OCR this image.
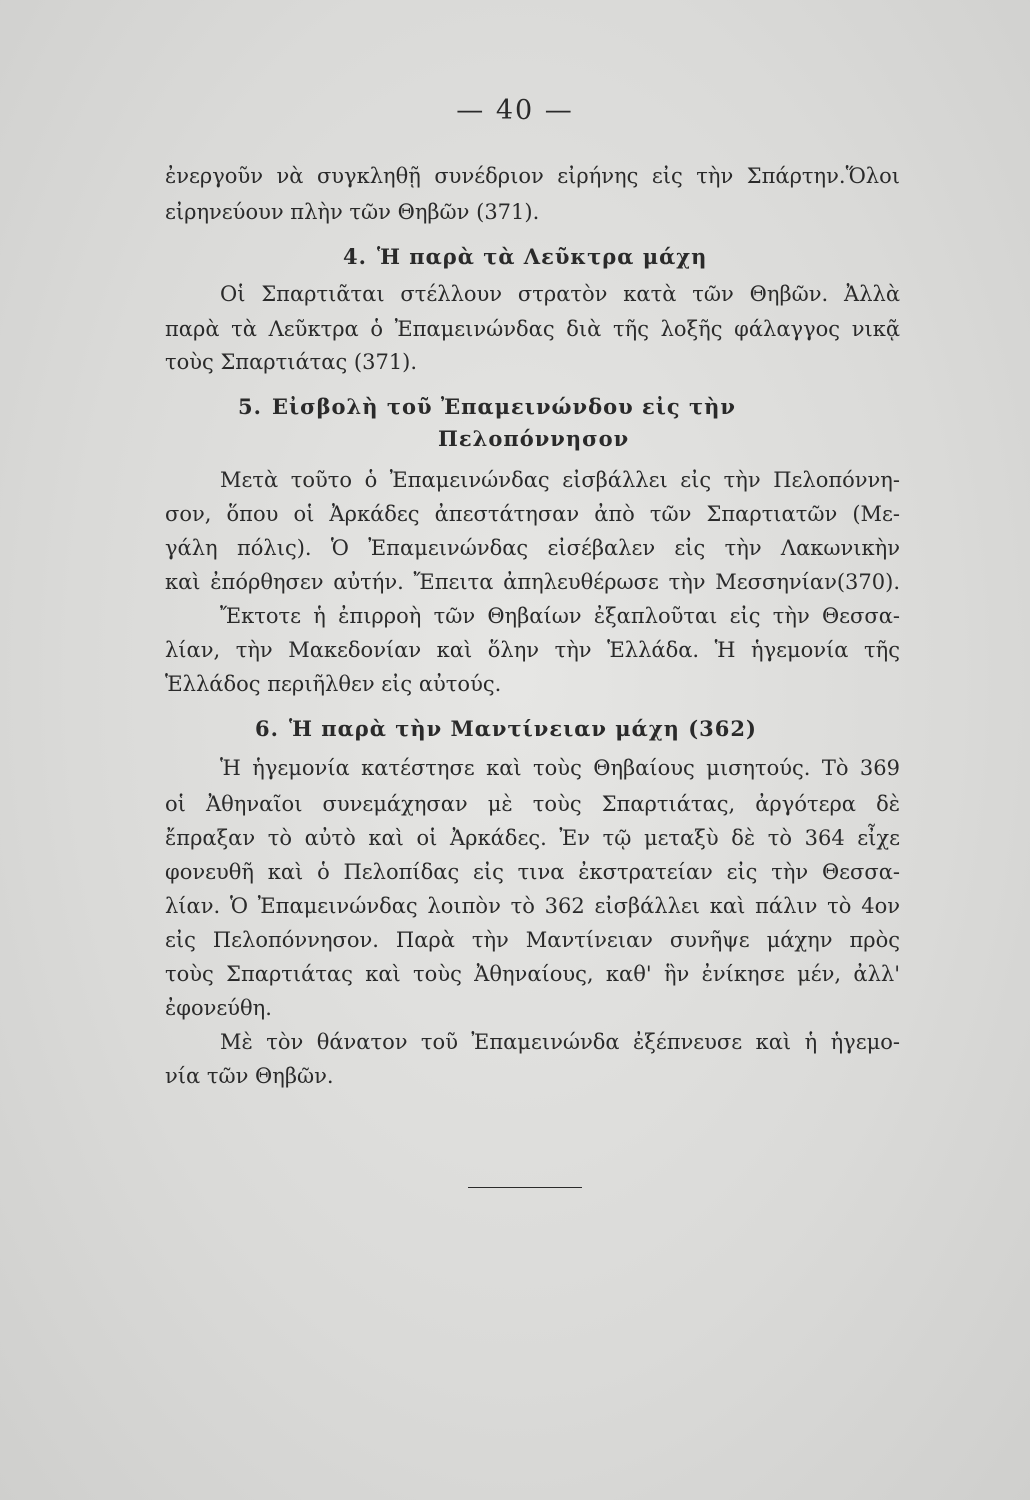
— 40 —
ἐνεργοῦν νὰ συγκληθῇ συνέδριον εἰρήνης εἰς τὴν Σπάρτην.Ὅλοι
εἰρηνεύουν πλὴν τῶν Θηβῶν (371).
4. Ἡ παρὰ τὰ Λεῦκτρα μάχη
Οἱ Σπαρτιᾶται στέλλουν στρατὸν κατὰ τῶν Θηβῶν. Ἀλλὰ
παρὰ τὰ Λεῦκτρα ὁ Ἐπαμεινώνδας διὰ τῆς λοξῆς φάλαγγος νικᾷ
τοὺς Σπαρτιάτας (371).
5. Εἰσβολὴ τοῦ Ἐπαμεινώνδου εἰς τὴν
Πελοπόννησον
Μετὰ τοῦτο ὁ Ἐπαμεινώνδας εἰσβάλλει εἰς τὴν Πελοπόννη-
σον, ὅπου οἱ Ἀρκάδες ἀπεστάτησαν ἀπὸ τῶν Σπαρτιατῶν (Με-
γάλη πόλις). Ὁ Ἐπαμεινώνδας εἰσέβαλεν εἰς τὴν Λακωνικὴν
καὶ ἐπόρθησεν αὐτήν. Ἔπειτα ἀπηλευθέρωσε τὴν Μεσσηνίαν(370).
Ἔκτοτε ἡ ἐπιρροὴ τῶν Θηβαίων ἐξαπλοῦται εἰς τὴν Θεσσα-
λίαν, τὴν Μακεδονίαν καὶ ὅλην τὴν Ἑλλάδα. Ἡ ἡγεμονία τῆς
Ἑλλάδος περιῆλθεν εἰς αὐτούς.
6. Ἡ παρὰ τὴν Μαντίνειαν μάχη (362)
Ἡ ἡγεμονία κατέστησε καὶ τοὺς Θηβαίους μισητούς. Τὸ 369
οἱ Ἀθηναῖοι συνεμάχησαν μὲ τοὺς Σπαρτιάτας, ἀργότερα δὲ
ἔπραξαν τὸ αὐτὸ καὶ οἱ Ἀρκάδες. Ἐν τῷ μεταξὺ δὲ τὸ 364 εἶχε
φονευθῆ καὶ ὁ Πελοπίδας εἰς τινα ἐκστρατείαν εἰς τὴν Θεσσα-
λίαν. Ὁ Ἐπαμεινώνδας λοιπὸν τὸ 362 εἰσβάλλει καὶ πάλιν τὸ 4ον
εἰς Πελοπόννησον. Παρὰ τὴν Μαντίνειαν συνῆψε μάχην πρὸς
τοὺς Σπαρτιάτας καὶ τοὺς Ἀθηναίους, καθ' ἣν ἐνίκησε μέν, ἀλλ'
ἐφονεύθη.
Μὲ τὸν θάνατον τοῦ Ἐπαμεινώνδα ἐξέπνευσε καὶ ἡ ἡγεμο-
νία τῶν Θηβῶν.
